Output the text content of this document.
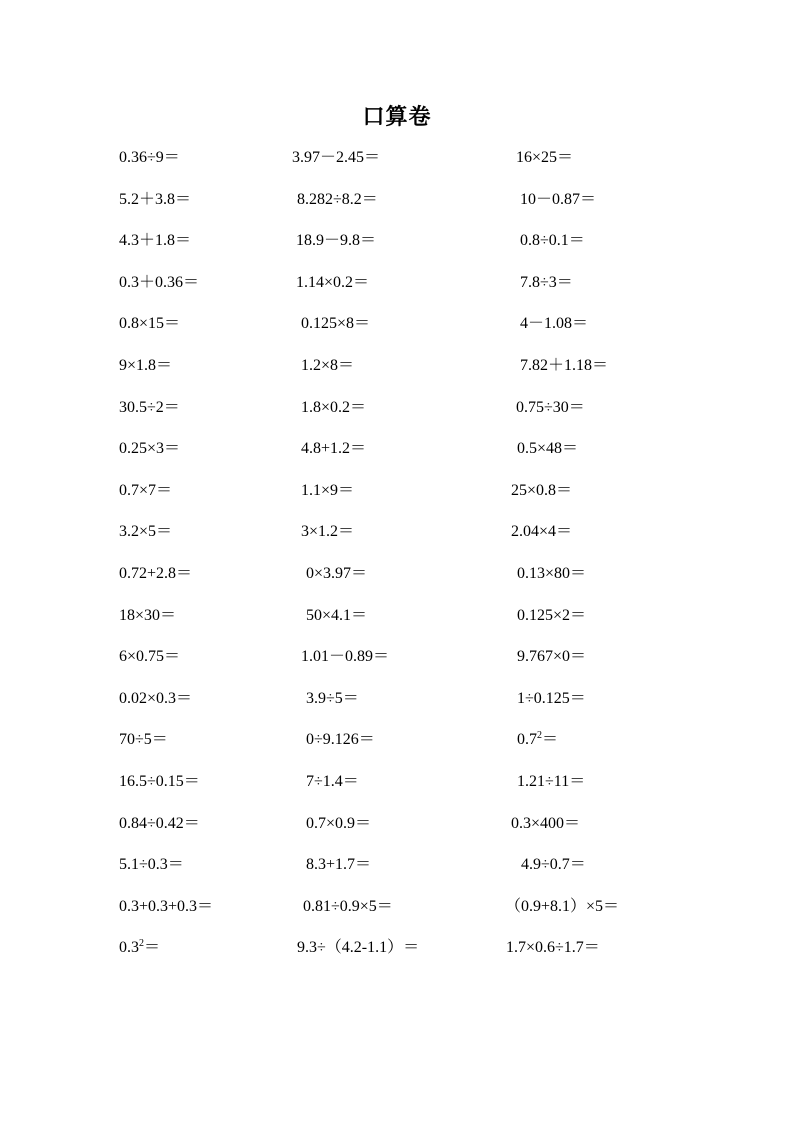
口算卷
0.36÷9＝	3.97－2.45＝	16×25＝
5.2＋3.8＝	8.282÷8.2＝	10－0.87＝
4.3＋1.8＝	18.9－9.8＝	0.8÷0.1＝
0.3＋0.36＝	1.14×0.2＝	7.8÷3＝
0.8×15＝	0.125×8＝	4－1.08＝
9×1.8＝	1.2×8＝	7.82＋1.18＝
30.5÷2＝	1.8×0.2＝	0.75÷30＝
0.25×3＝	4.8+1.2＝	0.5×48＝
0.7×7＝	1.1×9＝	25×0.8＝
3.2×5＝	3×1.2＝	2.04×4＝
0.72+2.8＝	0×3.97＝	0.13×80＝
18×30＝	50×4.1＝	0.125×2＝
6×0.75＝	1.01－0.89＝	9.767×0＝
0.02×0.3＝	3.9÷5＝	1÷0.125＝
70÷5＝	0÷9.126＝	$0.7^2=$
16.5÷0.15＝	7÷1.4＝	1.21÷11＝
0.84÷0.42＝	0.7×0.9＝	0.3×400＝
5.1÷0.3＝	8.3+1.7＝	4.9÷0.7＝
0.3+0.3+0.3＝	0.81÷0.9×5＝	（0.9+8.1）×5＝
$0.3^2=$	9.3÷（4.2-1.1）＝	1.7×0.6÷1.7＝
